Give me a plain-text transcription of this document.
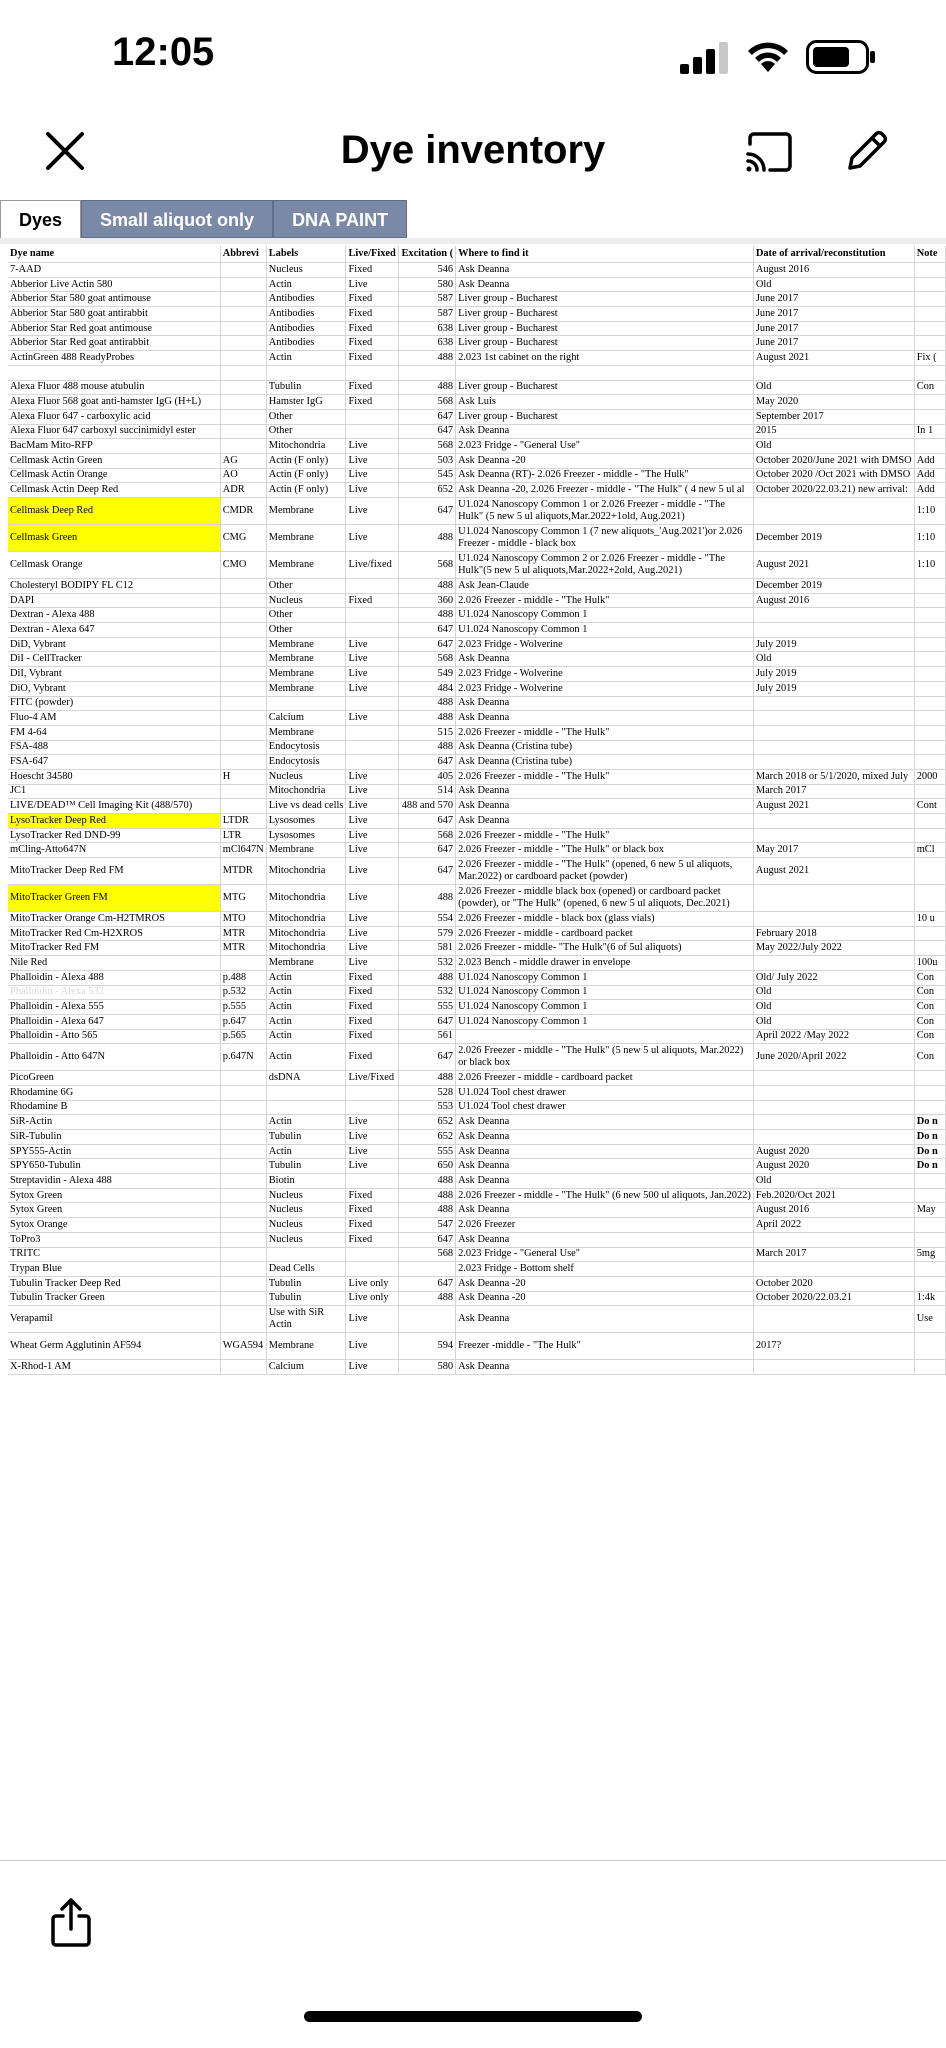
12:05
Dye inventory
Dyes	Small aliquot only	DNA PAINT
Dye name	Abbrevi	Labels	Live/Fixed	Excitation (	Where to find it	Date of arrival/reconstitution	Note
7-AAD		Nucleus	Fixed	546	Ask Deanna	August 2016	
Abberior Live Actin 580		Actin	Live	580	Ask Deanna	Old	
Abberior Star 580 goat antimouse		Antibodies	Fixed	587	Liver group - Bucharest	June 2017	
Abberior Star 580 goat antirabbit		Antibodies	Fixed	587	Liver group - Bucharest	June 2017	
Abberior Star Red goat antimouse		Antibodies	Fixed	638	Liver group - Bucharest	June 2017	
Abberior Star Red goat antirabbit		Antibodies	Fixed	638	Liver group - Bucharest	June 2017	
ActinGreen 488 ReadyProbes		Actin	Fixed	488	2.023 1st cabinet on the right	August 2021	Fix (

Alexa Fluor 488 mouse atubulin		Tubulin	Fixed	488	Liver group - Bucharest	Old	Con
Alexa Fluor 568 goat anti-hamster IgG (H+L)		Hamster IgG	Fixed	568	Ask Luis	May 2020	
Alexa Fluor 647 - carboxylic acid		Other		647	Liver group - Bucharest	September 2017	
Alexa Fluor 647 carboxyl succinimidyl ester		Other		647	Ask Deanna	2015	In 1
BacMam Mito-RFP		Mitochondria	Live	568	2.023 Fridge - "General Use"	Old	
Cellmask Actin Green	AG	Actin (F only)	Live	503	Ask Deanna -20	October 2020/June 2021 with DMSO	Add
Cellmask Actin Orange	AO	Actin (F only)	Live	545	Ask Deanna (RT)- 2.026 Freezer - middle - "The Hulk"	October 2020 /Oct 2021 with DMSO	Add
Cellmask Actin Deep Red	ADR	Actin (F only)	Live	652	Ask Deanna -20, 2.026 Freezer - middle - "The Hulk" ( 4 new 5 ul al	October 2020/22.03.21) new arrival:	Add
Cellmask Deep Red	CMDR	Membrane	Live	647	U1.024 Nanoscopy Common 1 or 2.026 Freezer - middle - "The Hulk" (5 new 5 ul aliquots,Mar.2022+1old, Aug.2021)		1:10
Cellmask Green	CMG	Membrane	Live	488	U1.024 Nanoscopy Common 1 (7 new aliquots_'Aug.2021')or 2.026 Freezer - middle - black box	December 2019	1:10
Cellmask Orange	CMO	Membrane	Live/fixed	568	U1.024 Nanoscopy Common 2 or 2.026 Freezer - middle - "The Hulk"(5 new 5 ul aliquots,Mar.2022+2old, Aug.2021)	August 2021	1:10
Cholesteryl BODIPY FL C12		Other		488	Ask Jean-Claude	December 2019	
DAPI		Nucleus	Fixed	360	2.026 Freezer - middle - "The Hulk"	August 2016	
Dextran - Alexa 488		Other		488	U1.024 Nanoscopy Common 1		
Dextran - Alexa 647		Other		647	U1.024 Nanoscopy Common 1		
DiD, Vybrant		Membrane	Live	647	2.023 Fridge - Wolverine	July 2019	
DiI - CellTracker		Membrane	Live	568	Ask Deanna	Old	
DiI, Vybrant		Membrane	Live	549	2.023 Fridge - Wolverine	July 2019	
DiO, Vybrant		Membrane	Live	484	2.023 Fridge - Wolverine	July 2019	
FITC (powder)				488	Ask Deanna		
Fluo-4 AM		Calcium	Live	488	Ask Deanna		
FM 4-64		Membrane		515	2.026 Freezer - middle - "The Hulk"		
FSA-488		Endocytosis		488	Ask Deanna (Cristina tube)		
FSA-647		Endocytosis		647	Ask Deanna (Cristina tube)		
Hoescht 34580	H	Nucleus	Live	405	2.026 Freezer - middle - "The Hulk"	March 2018 or 5/1/2020, mixed July	2000
JC1		Mitochondria	Live	514	Ask Deanna	March 2017	
LIVE/DEAD™ Cell Imaging Kit (488/570)		Live vs dead cells	Live	488 and 570	Ask Deanna	August 2021	Cont
LysoTracker Deep Red	LTDR	Lysosomes	Live	647	Ask Deanna		
LysoTracker Red DND-99	LTR	Lysosomes	Live	568	2.026 Freezer - middle - "The Hulk"		
mCling-Atto647N	mCl647N	Membrane	Live	647	2.026 Freezer - middle - "The Hulk" or black box	May 2017	mCl
MitoTracker Deep Red FM	MTDR	Mitochondria	Live	647	2.026 Freezer - middle - "The Hulk" (opened, 6 new 5 ul aliquots, Mar.2022) or cardboard packet (powder)	August 2021	
MitoTracker Green FM	MTG	Mitochondria	Live	488	2.026 Freezer - middle black box (opened) or cardboard packet (powder), or "The Hulk" (opened, 6 new 5 ul aliquots, Dec.2021)		
MitoTracker Orange Cm-H2TMROS	MTO	Mitochondria	Live	554	2.026 Freezer - middle - black box (glass vials)		10 u
MitoTracker Red Cm-H2XROS	MTR	Mitochondria	Live	579	2.026 Freezer - middle - cardboard packet	February 2018	
MitoTracker Red FM	MTR	Mitochondria	Live	581	2.026 Freezer - middle- "The Hulk"(6 of 5ul aliquots)	May 2022/July 2022	
Nile Red		Membrane	Live	532	2.023 Bench - middle drawer in envelope		100u
Phalloidin - Alexa 488	p.488	Actin	Fixed	488	U1.024 Nanoscopy Common 1	Old/ July 2022	Con
Phalloidin - Alexa 532	p.532	Actin	Fixed	532	U1.024 Nanoscopy Common 1	Old	Con
Phalloidin - Alexa 555	p.555	Actin	Fixed	555	U1.024 Nanoscopy Common 1	Old	Con
Phalloidin - Alexa 647	p.647	Actin	Fixed	647	U1.024 Nanoscopy Common 1	Old	Con
Phalloidin - Atto 565	p.565	Actin	Fixed	561		April 2022 /May 2022	Con
Phalloidin - Atto 647N	p.647N	Actin	Fixed	647	2.026 Freezer - middle - "The Hulk" (5 new 5 ul aliquots, Mar.2022) or black box	June 2020/April 2022	Con
PicoGreen		dsDNA	Live/Fixed	488	2.026 Freezer - middle - cardboard packet		
Rhodamine 6G				528	U1.024 Tool chest drawer		
Rhodamine B				553	U1.024 Tool chest drawer		
SiR-Actin		Actin	Live	652	Ask Deanna		Do n
SiR-Tubulin		Tubulin	Live	652	Ask Deanna		Do n
SPY555-Actin		Actin	Live	555	Ask Deanna	August 2020	Do n
SPY650-Tubulin		Tubulin	Live	650	Ask Deanna	August 2020	Do n
Streptavidin - Alexa 488		Biotin		488	Ask Deanna	Old	
Sytox Green		Nucleus	Fixed	488	2.026 Freezer - middle - "The Hulk" (6 new 500 ul aliquots, Jan.2022)	Feb.2020/Oct 2021	
Sytox Green		Nucleus	Fixed	488	Ask Deanna	August 2016	May
Sytox Orange		Nucleus	Fixed	547	2.026 Freezer	April 2022	
ToPro3		Nucleus	Fixed	647	Ask Deanna		
TRITC				568	2.023 Fridge - "General Use"	March 2017	5mg
Trypan Blue		Dead Cells			2.023 Fridge - Bottom shelf		
Tubulin Tracker Deep Red		Tubulin	Live only	647	Ask Deanna -20	October 2020	
Tubulin Tracker Green		Tubulin	Live only	488	Ask Deanna -20	October 2020/22.03.21	1:4k
Verapamil		Use with SiR Actin	Live		Ask Deanna		Use
Wheat Germ Agglutinin AF594	WGA594	Membrane	Live	594	Freezer -middle - "The Hulk"	2017?	
X-Rhod-1 AM		Calcium	Live	580	Ask Deanna		
